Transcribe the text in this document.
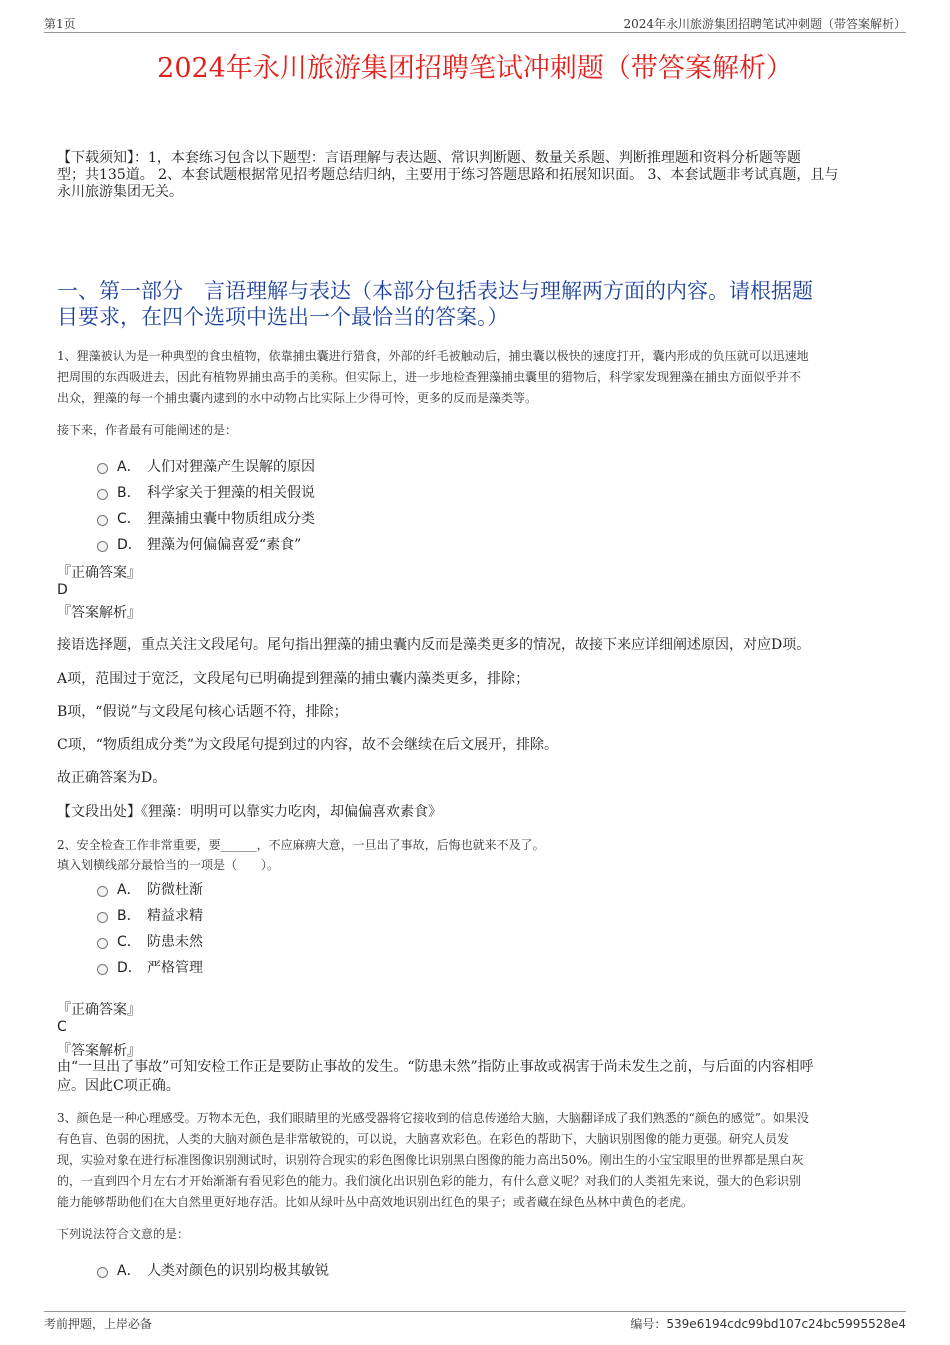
第1页	2024年永川旅游集团招聘笔试冲刺题（带答案解析）
2024年永川旅游集团招聘笔试冲刺题（带答案解析）
【下载须知】：1，本套练习包含以下题型：言语理解与表达题、常识判断题、数量关系题、判断推理题和资料分析题等题
型；共135道。 2、本套试题根据常见招考题总结归纳，主要用于练习答题思路和拓展知识面。 3、本套试题非考试真题，且与
永川旅游集团无关。
一、第一部分　言语理解与表达（本部分包括表达与理解两方面的内容。请根据题
目要求，在四个选项中选出一个最恰当的答案。）
1、狸藻被认为是一种典型的食虫植物，依靠捕虫囊进行猎食，外部的纤毛被触动后，捕虫囊以极快的速度打开，囊内形成的负压就可以迅速地
把周围的东西吸进去，因此有植物界捕虫高手的美称。但实际上，进一步地检查狸藻捕虫囊里的猎物后，科学家发现狸藻在捕虫方面似乎并不
出众，狸藻的每一个捕虫囊内逮到的水中动物占比实际上少得可怜，更多的反而是藻类等。
接下来，作者最有可能阐述的是：
A． 人们对狸藻产生误解的原因
B． 科学家关于狸藻的相关假说
C． 狸藻捕虫囊中物质组成分类
D． 狸藻为何偏偏喜爱“素食”
『正确答案』
D
『答案解析』
接语选择题，重点关注文段尾句。尾句指出狸藻的捕虫囊内反而是藻类更多的情况，故接下来应详细阐述原因，对应D项。
A项，范围过于宽泛，文段尾句已明确提到狸藻的捕虫囊内藻类更多，排除；
B项，“假说”与文段尾句核心话题不符，排除；
C项，“物质组成分类”为文段尾句提到过的内容，故不会继续在后文展开，排除。
故正确答案为D。
【文段出处】《狸藻：明明可以靠实力吃肉，却偏偏喜欢素食》
2、安全检查工作非常重要，要______，不应麻痹大意，一旦出了事故，后悔也就来不及了。
填入划横线部分最恰当的一项是（　　）。
A． 防微杜渐
B． 精益求精
C． 防患未然
D． 严格管理
『正确答案』
C
『答案解析』
由“一旦出了事故”可知安检工作正是要防止事故的发生。“防患未然”指防止事故或祸害于尚未发生之前，与后面的内容相呼
应。因此C项正确。
3、颜色是一种心理感受。万物本无色，我们眼睛里的光感受器将它接收到的信息传递给大脑，大脑翻译成了我们熟悉的“颜色的感觉”。如果没
有色盲、色弱的困扰，人类的大脑对颜色是非常敏锐的，可以说，大脑喜欢彩色。在彩色的帮助下，大脑识别图像的能力更强。研究人员发
现，实验对象在进行标准图像识别测试时，识别符合现实的彩色图像比识别黑白图像的能力高出50%。刚出生的小宝宝眼里的世界都是黑白灰
的，一直到四个月左右才开始渐渐有看见彩色的能力。我们演化出识别色彩的能力，有什么意义呢？对我们的人类祖先来说，强大的色彩识别
能力能够帮助他们在大自然里更好地存活。比如从绿叶丛中高效地识别出红色的果子；或者藏在绿色丛林中黄色的老虎。
下列说法符合文意的是：
A． 人类对颜色的识别均极其敏锐
考前押题，上岸必备	编号：539e6194cdc99bd107c24bc5995528e4
